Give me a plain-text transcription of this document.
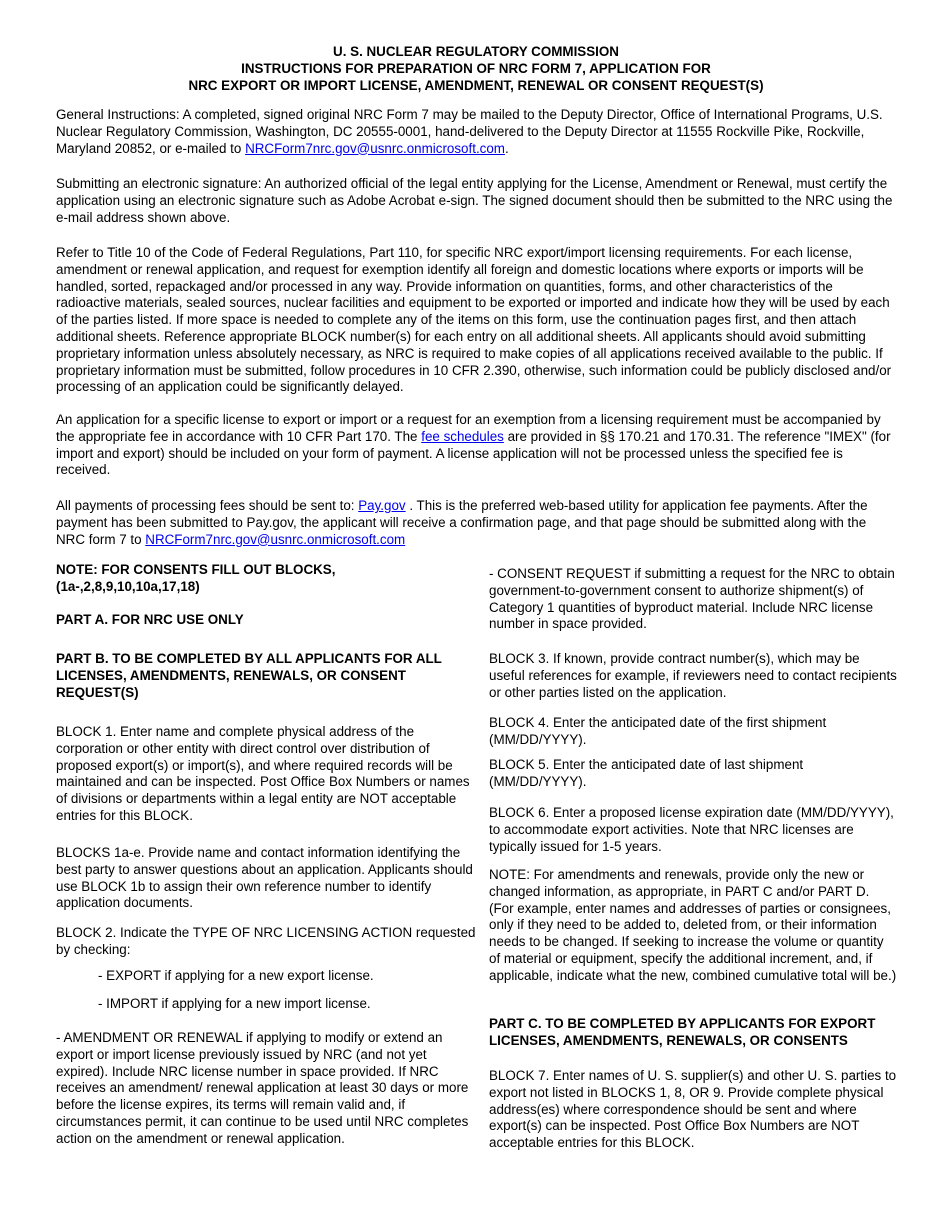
U. S. NUCLEAR REGULATORY COMMISSION
INSTRUCTIONS FOR PREPARATION OF NRC FORM 7, APPLICATION FOR
NRC EXPORT OR IMPORT LICENSE, AMENDMENT, RENEWAL OR CONSENT REQUEST(S)

General Instructions: A completed, signed original NRC Form 7 may be mailed to the Deputy Director, Office of International Programs, U.S. Nuclear Regulatory Commission, Washington, DC 20555-0001, hand-delivered to the Deputy Director at 11555 Rockville Pike, Rockville, Maryland 20852, or e-mailed to NRCForm7nrc.gov@usnrc.onmicrosoft.com.

Submitting an electronic signature: An authorized official of the legal entity applying for the License, Amendment or Renewal, must certify the application using an electronic signature such as Adobe Acrobat e-sign. The signed document should then be submitted to the NRC using the e-mail address shown above.

Refer to Title 10 of the Code of Federal Regulations, Part 110, for specific NRC export/import licensing requirements. For each license, amendment or renewal application, and request for exemption identify all foreign and domestic locations where exports or imports will be handled, sorted, repackaged and/or processed in any way. Provide information on quantities, forms, and other characteristics of the radioactive materials, sealed sources, nuclear facilities and equipment to be exported or imported and indicate how they will be used by each of the parties listed. If more space is needed to complete any of the items on this form, use the continuation pages first, and then attach additional sheets. Reference appropriate BLOCK number(s) for each entry on all additional sheets. All applicants should avoid submitting proprietary information unless absolutely necessary, as NRC is required to make copies of all applications received available to the public. If proprietary information must be submitted, follow procedures in 10 CFR 2.390, otherwise, such information could be publicly disclosed and/or processing of an application could be significantly delayed.

An application for a specific license to export or import or a request for an exemption from a licensing requirement must be accompanied by the appropriate fee in accordance with 10 CFR Part 170. The fee schedules are provided in §§ 170.21 and 170.31. The reference "IMEX" (for import and export) should be included on your form of payment. A license application will not be processed unless the specified fee is received.

All payments of processing fees should be sent to: Pay.gov . This is the preferred web-based utility for application fee payments. After the payment has been submitted to Pay.gov, the applicant will receive a confirmation page, and that page should be submitted along with the NRC form 7 to NRCForm7nrc.gov@usnrc.onmicrosoft.com

NOTE: FOR CONSENTS FILL OUT BLOCKS, (1a-,2,8,9,10,10a,17,18)

PART A. FOR NRC USE ONLY

PART B. TO BE COMPLETED BY ALL APPLICANTS FOR ALL LICENSES, AMENDMENTS, RENEWALS, OR CONSENT REQUEST(S)

BLOCK 1. Enter name and complete physical address of the corporation or other entity with direct control over distribution of proposed export(s) or import(s), and where required records will be maintained and can be inspected. Post Office Box Numbers or names of divisions or departments within a legal entity are NOT acceptable entries for this BLOCK.

BLOCKS 1a-e. Provide name and contact information identifying the best party to answer questions about an application. Applicants should use BLOCK 1b to assign their own reference number to identify application documents.

BLOCK 2. Indicate the TYPE OF NRC LICENSING ACTION requested by checking:

- EXPORT if applying for a new export license.

- IMPORT if applying for a new import license.

- AMENDMENT OR RENEWAL if applying to modify or extend an export or import license previously issued by NRC (and not yet expired). Include NRC license number in space provided. If NRC receives an amendment/ renewal application at least 30 days or more before the license expires, its terms will remain valid and, if circumstances permit, it can continue to be used until NRC completes action on the amendment or renewal application.

- CONSENT REQUEST if submitting a request for the NRC to obtain government-to-government consent to authorize shipment(s) of Category 1 quantities of byproduct material. Include NRC license number in space provided.

BLOCK 3. If known, provide contract number(s), which may be useful references for example, if reviewers need to contact recipients or other parties listed on the application.

BLOCK 4. Enter the anticipated date of the first shipment (MM/DD/YYYY).

BLOCK 5. Enter the anticipated date of last shipment (MM/DD/YYYY).

BLOCK 6. Enter a proposed license expiration date (MM/DD/YYYY), to accommodate export activities. Note that NRC licenses are typically issued for 1-5 years.

NOTE: For amendments and renewals, provide only the new or changed information, as appropriate, in PART C and/or PART D. (For example, enter names and addresses of parties or consignees, only if they need to be added to, deleted from, or their information needs to be changed. If seeking to increase the volume or quantity of material or equipment, specify the additional increment, and, if applicable, indicate what the new, combined cumulative total will be.)

PART C. TO BE COMPLETED BY APPLICANTS FOR EXPORT LICENSES, AMENDMENTS, RENEWALS, OR CONSENTS

BLOCK 7. Enter names of U. S. supplier(s) and other U. S. parties to export not listed in BLOCKS 1, 8, OR 9. Provide complete physical address(es) where correspondence should be sent and where export(s) can be inspected. Post Office Box Numbers are NOT acceptable entries for this BLOCK.
